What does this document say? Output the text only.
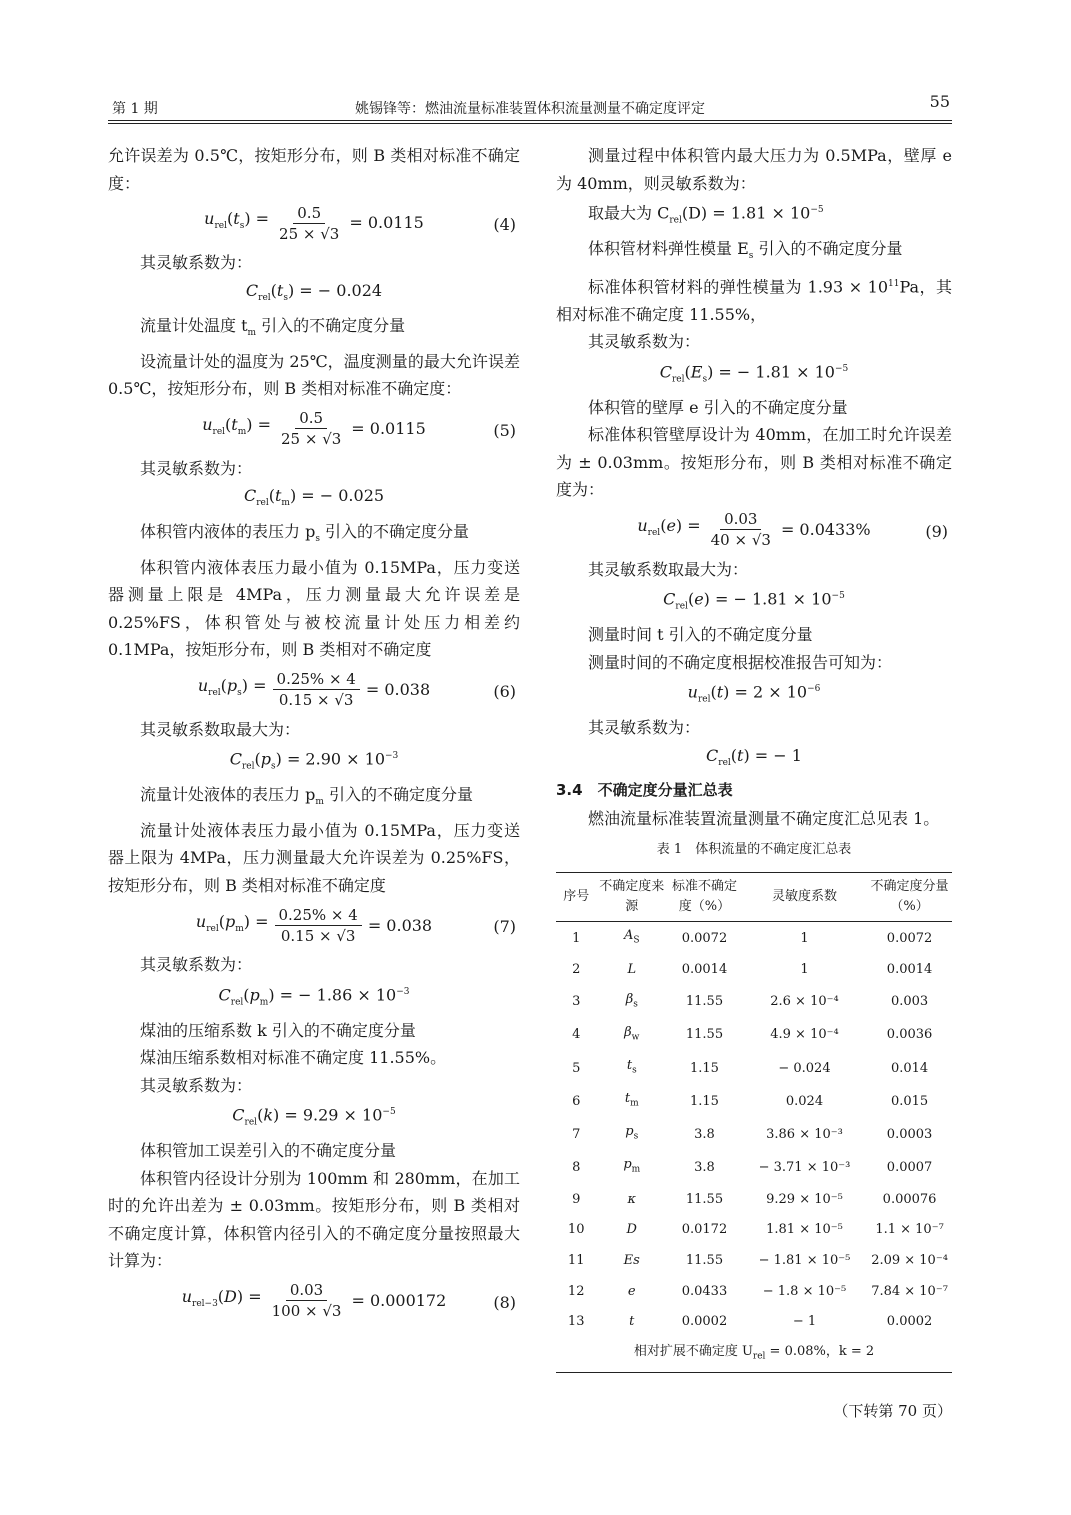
第 1 期	姚锡锋等：燃油流量标准装置体积流量测量不确定度评定	55

允许误差为 0.5℃，按矩形分布，则 B 类相对标准不确定度：

$u_{rel}(t_s) = \frac{0.5}{25 \times √3} = 0.0115$	(4)

其灵敏系数为：

$C_{rel}(t_s)$ = − 0.024

流量计处温度 $t_m$ 引入的不确定度分量

设流量计处的温度为 25℃，温度测量的最大允许误差 0.5℃，按矩形分布，则 B 类相对标准不确定度：

$u_{rel}(t_m) = \frac{0.5}{25 \times √3} = 0.0115$	(5)

其灵敏系数为：

$C_{rel}(t_m)$ = − 0.025

体积管内液体的表压力 $p_s$ 引入的不确定度分量

体积管内液体表压力最小值为 0.15MPa，压力变送器测量上限是 4MPa，压力测量最大允许误差是 0.25%FS，体积管处与被校流量计处压力相差约 0.1MPa，按矩形分布，则 B 类相对不确定度

$u_{rel}(p_s) = \frac{0.25\% \times 4}{0.15 \times √3} = 0.038$	(6)

其灵敏系数取最大为：

$C_{rel}(p_s) = 2.90 \times 10^{-3}$

流量计处液体的表压力 $p_m$ 引入的不确定度分量

流量计处液体表压力最小值为 0.15MPa，压力变送器上限为 4MPa，压力测量最大允许误差为 0.25%FS，按矩形分布，则 B 类相对标准不确定度

$u_{rel}(p_m) = \frac{0.25\% \times 4}{0.15 \times √3} = 0.038$	(7)

其灵敏系数为：

$C_{rel}(p_m)$ = − $1.86 \times 10^{-3}$

煤油的压缩系数 k 引入的不确定度分量

煤油压缩系数相对标准不确定度 11.55%。

其灵敏系数为：

$C_{rel}(k) = 9.29 \times 10^{-5}$

体积管加工误差引入的不确定度分量

体积管内径设计分别为 100mm 和 280mm，在加工时的允许出差为 ± 0.03mm。按矩形分布，则 B 类相对不确定度计算，体积管内径引入的不确定度分量按照最大计算为：

$u_{rel-3}(D) = \frac{0.03}{100 \times √3} = 0.000172$	(8)

测量过程中体积管内最大压力为 0.5MPa，壁厚 e 为 40mm，则灵敏系数为：

取最大为 $C_{rel}(D) = 1.81 \times 10^{-5}$

体积管材料弹性模量 $E_s$ 引入的不确定度分量

标准体积管材料的弹性模量为 $1.93 \times 10^{11}Pa$，其相对标准不确定度 11.55%，

其灵敏系数为：

$C_{rel}(E_s)$ = − $1.81 \times 10^{-5}$

体积管的壁厚 e 引入的不确定度分量

标准体积管壁厚设计为 40mm，在加工时允许误差为 ± 0.03mm。按矩形分布，则 B 类相对标准不确定度为：

$u_{rel}(e) = \frac{0.03}{40 \times √3} = 0.0433\%$	(9)

其灵敏系数取最大为：

$C_{rel}(e)$ = − $1.81 \times 10^{-5}$

测量时间 t 引入的不确定度分量

测量时间的不确定度根据校准报告可知为：

$u_{rel}(t) = 2 \times 10^{-6}$

其灵敏系数为：

$C_{rel}(t)$ = − 1

3.4　不确定度分量汇总表

燃油流量标准装置流量测量不确定度汇总见表 1。

表 1　体积流量的不确定度汇总表
序号	不确定度来源	标准不确定度（%）	灵敏度系数	不确定度分量（%）
1	$A_S$	0.0072	1	0.0072
2	L	0.0014	1	0.0014
3	$\beta_s$	11.55	2.6 × 10⁻⁴	0.003
4	$\beta_w$	11.55	4.9 × 10⁻⁴	0.0036
5	$t_s$	1.15	− 0.024	0.014
6	$t_m$	1.15	0.024	0.015
7	$p_s$	3.8	3.86 × 10⁻³	0.0003
8	$p_m$	3.8	− 3.71 × 10⁻³	0.0007
9	κ	11.55	9.29 × 10⁻⁵	0.00076
10	D	0.0172	1.81 × 10⁻⁵	1.1 × 10⁻⁷
11	Es	11.55	− 1.81 × 10⁻⁵	2.09 × 10⁻⁴
12	e	0.0433	− 1.8 × 10⁻⁵	7.84 × 10⁻⁷
13	t	0.0002	− 1	0.0002
相对扩展不确定度 $U_{rel} = 0.08\%$，k = 2				
（下转第 70 页）
